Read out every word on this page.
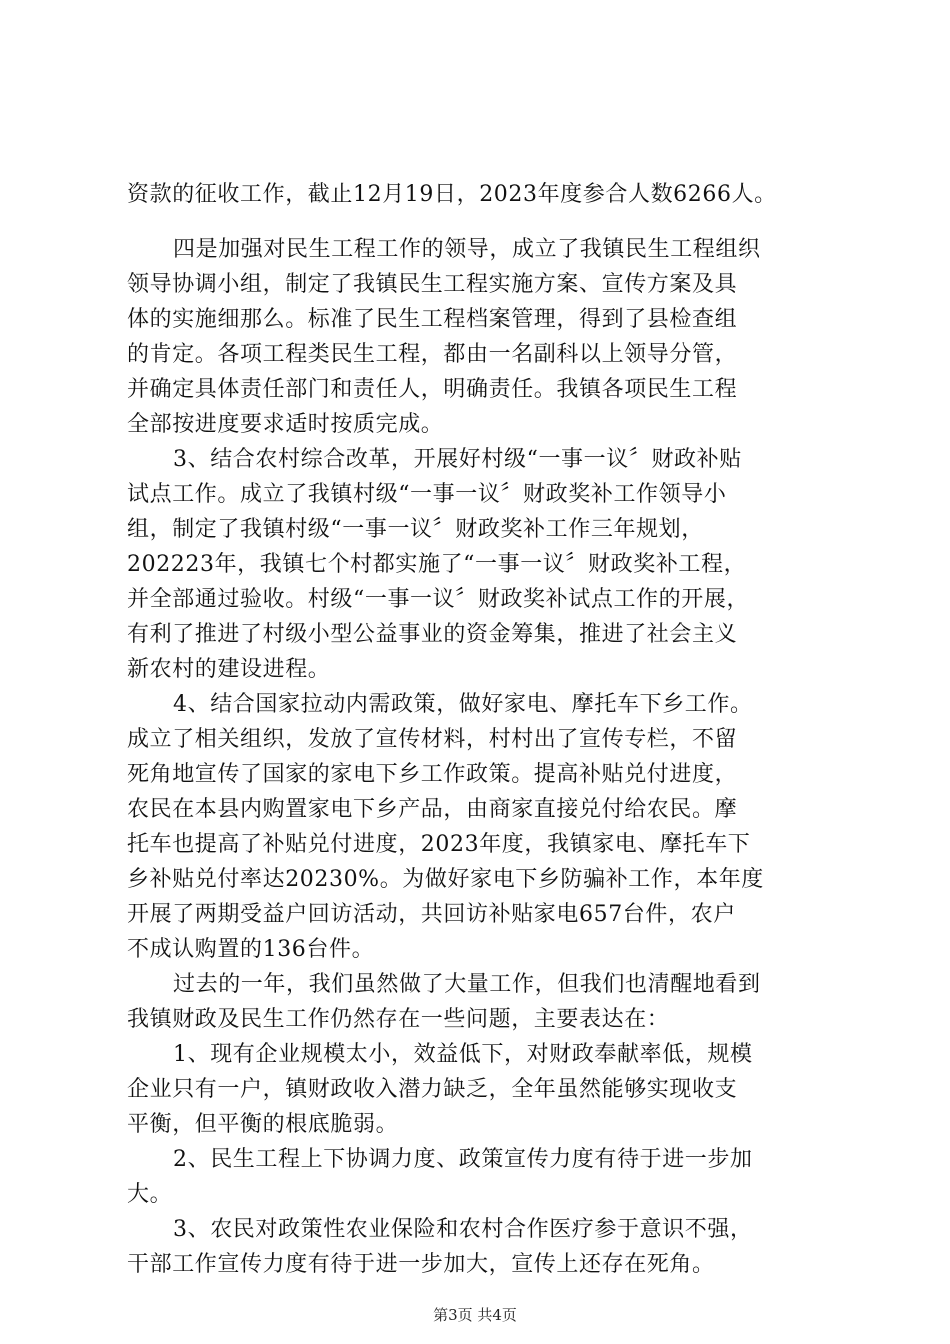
资款的征收工作，截止12月19日，2023年度参合人数6266人。
四是加强对民生工程工作的领导，成立了我镇民生工程组织
领导协调小组，制定了我镇民生工程实施方案、宣传方案及具
体的实施细那么。标准了民生工程档案管理，得到了县检查组
的肯定。各项工程类民生工程，都由一名副科以上领导分管，
并确定具体责任部门和责任人，明确责任。我镇各项民生工程
全部按进度要求适时按质完成。
3、结合农村综合改革，开展好村级“一事一议〞财政补贴
试点工作。成立了我镇村级“一事一议〞财政奖补工作领导小
组，制定了我镇村级“一事一议〞财政奖补工作三年规划，
202223年，我镇七个村都实施了“一事一议〞财政奖补工程，
并全部通过验收。村级“一事一议〞财政奖补试点工作的开展，
有利了推进了村级小型公益事业的资金筹集，推进了社会主义
新农村的建设进程。
4、结合国家拉动内需政策，做好家电、摩托车下乡工作。
成立了相关组织，发放了宣传材料，村村出了宣传专栏，不留
死角地宣传了国家的家电下乡工作政策。提高补贴兑付进度，
农民在本县内购置家电下乡产品，由商家直接兑付给农民。摩
托车也提高了补贴兑付进度，2023年度，我镇家电、摩托车下
乡补贴兑付率达20230%。为做好家电下乡防骗补工作，本年度
开展了两期受益户回访活动，共回访补贴家电657台件，农户
不成认购置的136台件。
过去的一年，我们虽然做了大量工作，但我们也清醒地看到
我镇财政及民生工作仍然存在一些问题，主要表达在：
1、现有企业规模太小，效益低下，对财政奉献率低，规模
企业只有一户，镇财政收入潜力缺乏，全年虽然能够实现收支
平衡，但平衡的根底脆弱。
2、民生工程上下协调力度、政策宣传力度有待于进一步加
大。
3、农民对政策性农业保险和农村合作医疗参于意识不强，
干部工作宣传力度有待于进一步加大，宣传上还存在死角。
第3页 共4页
